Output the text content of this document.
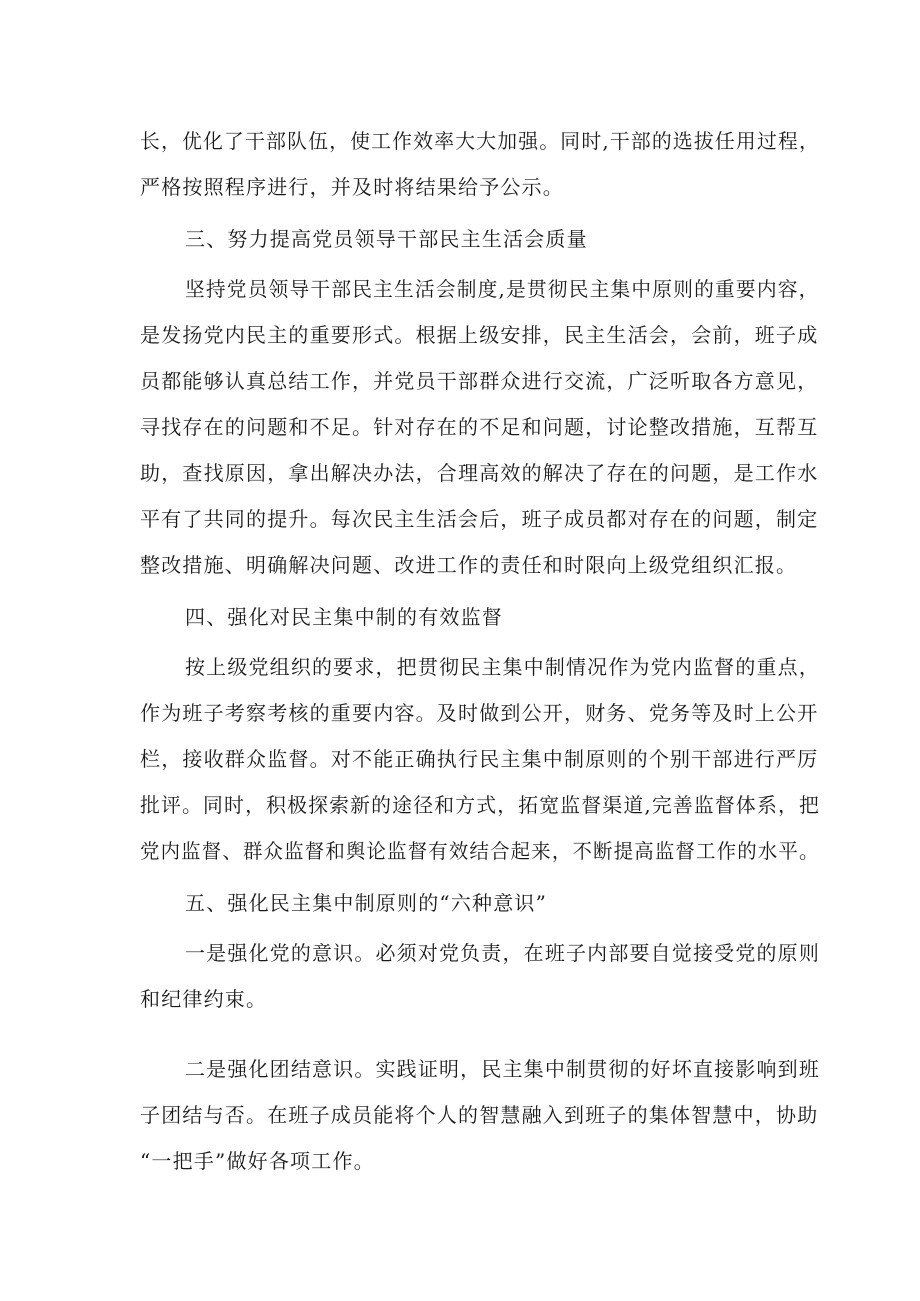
长，优化了干部队伍，使工作效率大大加强。同时,干部的选拔任用过程，
严格按照程序进行，并及时将结果给予公示。
三、努力提高党员领导干部民主生活会质量
坚持党员领导干部民主生活会制度,是贯彻民主集中原则的重要内容，
是发扬党内民主的重要形式。根据上级安排，民主生活会，会前，班子成
员都能够认真总结工作，并党员干部群众进行交流，广泛听取各方意见，
寻找存在的问题和不足。针对存在的不足和问题，讨论整改措施，互帮互
助，查找原因，拿出解决办法，合理高效的解决了存在的问题，是工作水
平有了共同的提升。每次民主生活会后，班子成员都对存在的问题，制定
整改措施、明确解决问题、改进工作的责任和时限向上级党组织汇报。
四、强化对民主集中制的有效监督
按上级党组织的要求，把贯彻民主集中制情况作为党内监督的重点，
作为班子考察考核的重要内容。及时做到公开，财务、党务等及时上公开
栏，接收群众监督。对不能正确执行民主集中制原则的个别干部进行严厉
批评。同时，积极探索新的途径和方式，拓宽监督渠道,完善监督体系，把
党内监督、群众监督和舆论监督有效结合起来，不断提高监督工作的水平。
五、强化民主集中制原则的“六种意识”
一是强化党的意识。必须对党负责，在班子内部要自觉接受党的原则
和纪律约束。
二是强化团结意识。实践证明，民主集中制贯彻的好坏直接影响到班
子团结与否。在班子成员能将个人的智慧融入到班子的集体智慧中，协助
“一把手”做好各项工作。
